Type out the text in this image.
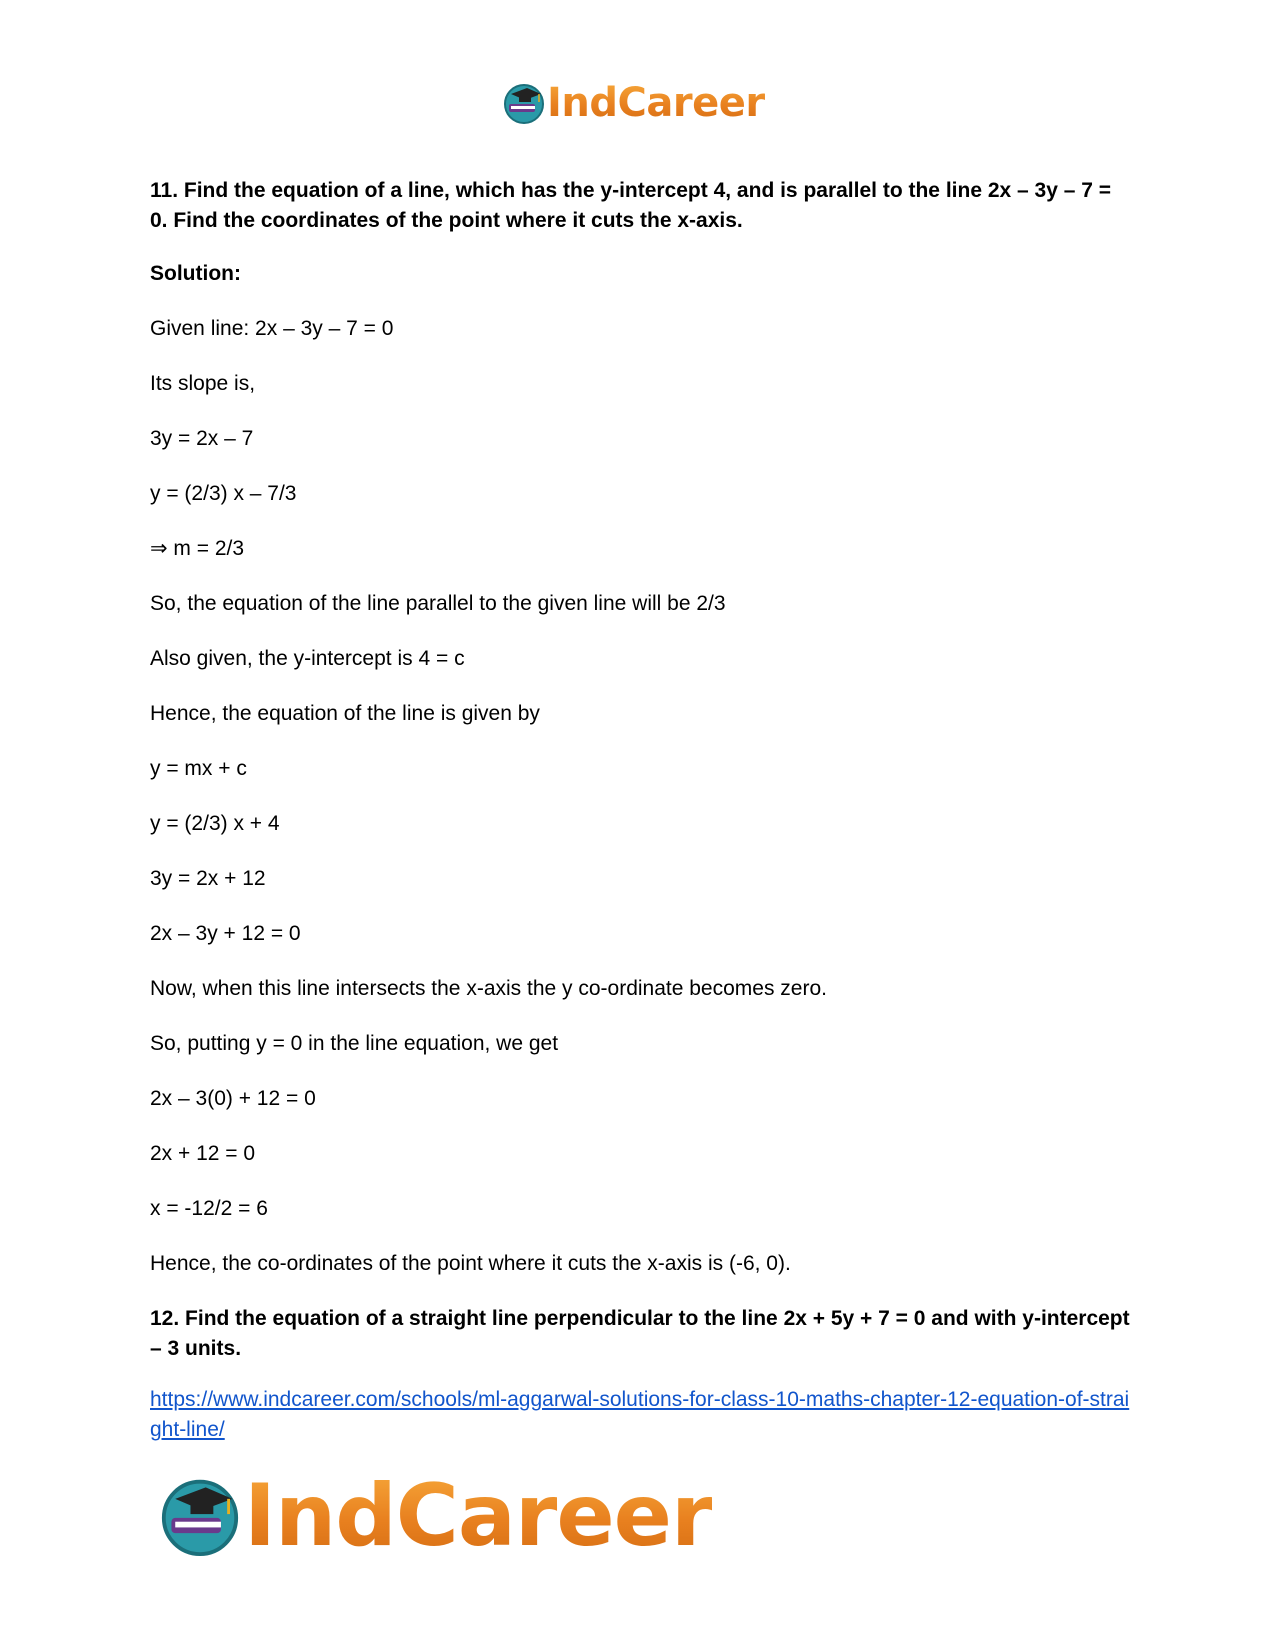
IndCareer

11. Find the equation of a line, which has the y-intercept 4, and is parallel to the line 2x – 3y – 7 = 0. Find the coordinates of the point where it cuts the x-axis.

Solution:

Given line: 2x – 3y – 7 = 0

Its slope is,

3y = 2x – 7

y = (2/3) x – 7/3

⇒ m = 2/3

So, the equation of the line parallel to the given line will be 2/3

Also given, the y-intercept is 4 = c

Hence, the equation of the line is given by

y = mx + c

y = (2/3) x + 4

3y = 2x + 12

2x – 3y + 12 = 0

Now, when this line intersects the x-axis the y co-ordinate becomes zero.

So, putting y = 0 in the line equation, we get

2x – 3(0) + 12 = 0

2x + 12 = 0

x = -12/2 = 6

Hence, the co-ordinates of the point where it cuts the x-axis is (-6, 0).

12. Find the equation of a straight line perpendicular to the line 2x + 5y + 7 = 0 and with y-intercept – 3 units.

https://www.indcareer.com/schools/ml-aggarwal-solutions-for-class-10-maths-chapter-12-equation-of-straight-line/
IndCareer
